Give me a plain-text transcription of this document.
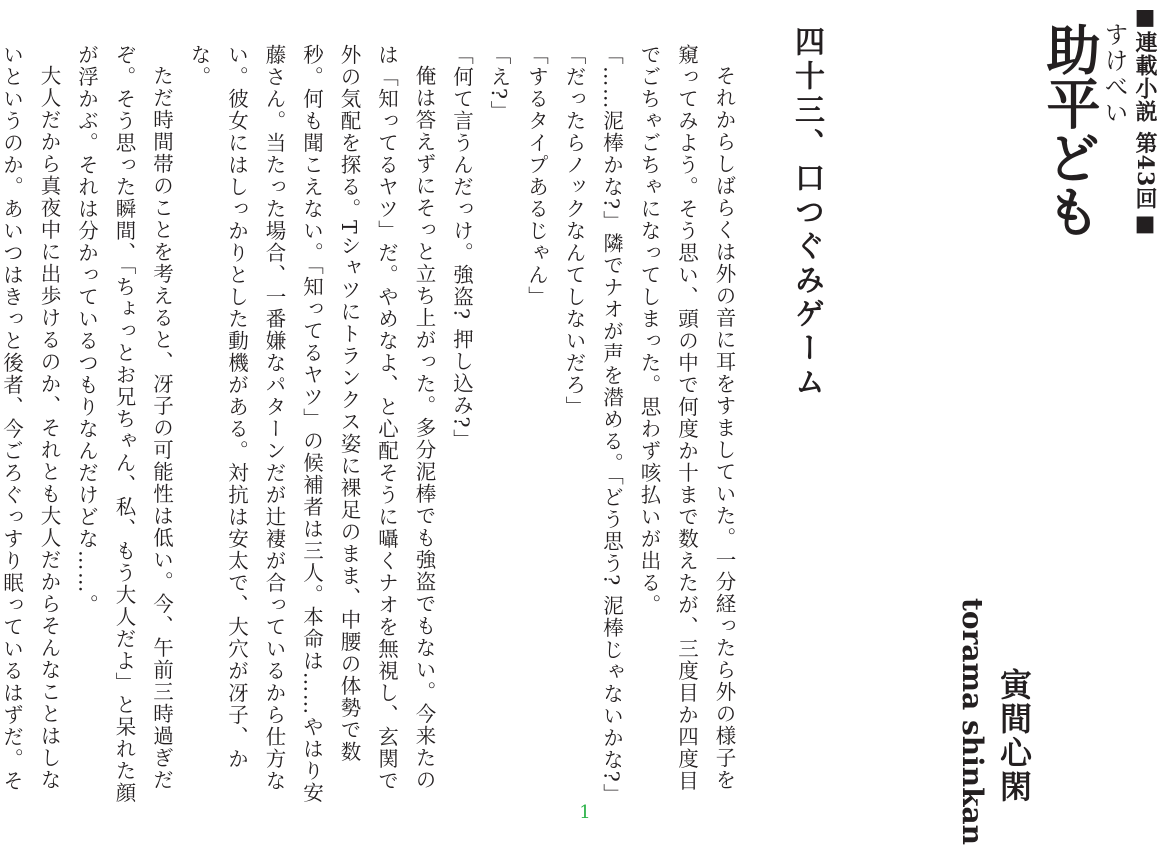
■連載小説 第43回■
すけべい
助平ども
寅間心閑
torama shinkan
四十三、口つぐみゲーム

それからしばらくは外の音に耳をすましていた。一分経ったら外の様子を窺ってみよう。そう思い、頭の中で何度か十まで数えたが、三度目か四度目でごちゃごちゃになってしまった。思わず咳払いが出る。

「……泥棒かな?」隣でナオが声を潜める。「どう思う? 泥棒じゃないかな?」

「だったらノックなんてしないだろ」

「するタイプあるじゃん」

「え?」

「何て言うんだっけ。強盗? 押し込み?」

俺は答えずにそっと立ち上がった。多分泥棒でも強盗でもない。今来たのは「知ってるヤツ」だ。やめなよ、と心配そうに囁くナオを無視し、玄関で外の気配を探る。Tシャツにトランクス姿に裸足のまま、中腰の体勢で数秒。何も聞こえない。「知ってるヤツ」の候補者は三人。本命は……やはり安藤さん。当たった場合、一番嫌なパターンだが辻褄が合っているから仕方ない。彼女にはしっかりとした動機がある。対抗は安太で、大穴が冴子、かな。

ただ時間帯のことを考えると、冴子の可能性は低い。今、午前三時過ぎだぞ。そう思った瞬間、「ちょっとお兄ちゃん、私、もう大人だよ」と呆れた顔が浮かぶ。それは分かっているつもりなんだけどな……。

大人だから真夜中に出歩けるのか、それとも大人だからそんなことはしないというのか。あいつはきっと後者、今ごろぐっすり眠っているはずだ。そ

1
